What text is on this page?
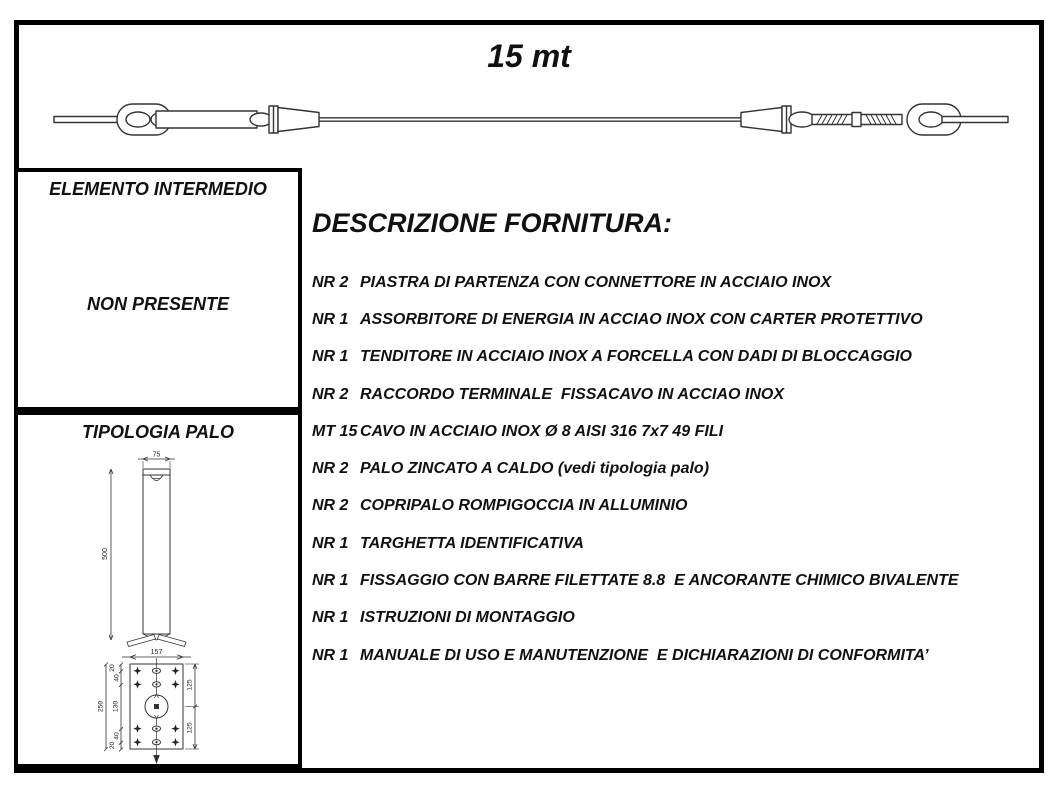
15 mt
ELEMENTO INTERMEDIO
NON PRESENTE
TIPOLOGIA PALO
75
500
157
250 130
20
40
40
20
125
125
DESCRIZIONE FORNITURA:
NR 2 PIASTRA DI PARTENZA CON CONNETTORE IN ACCIAIO INOX
NR 1 ASSORBITORE DI ENERGIA IN ACCIAO INOX CON CARTER PROTETTIVO
NR 1 TENDITORE IN ACCIAIO INOX A FORCELLA CON DADI DI BLOCCAGGIO
NR 2 RACCORDO TERMINALE  FISSACAVO IN ACCIAO INOX
MT 15 CAVO IN ACCIAIO INOX Ø 8 AISI 316 7x7 49 FILI
NR 2 PALO ZINCATO A CALDO (vedi tipologia palo)
NR 2 COPRIPALO ROMPIGOCCIA IN ALLUMINIO
NR 1 TARGHETTA IDENTIFICATIVA
NR 1 FISSAGGIO CON BARRE FILETTATE 8.8  E ANCORANTE CHIMICO BIVALENTE
NR 1 ISTRUZIONI DI MONTAGGIO
NR 1 MANUALE DI USO E MANUTENZIONE  E DICHIARAZIONI DI CONFORMITA’
